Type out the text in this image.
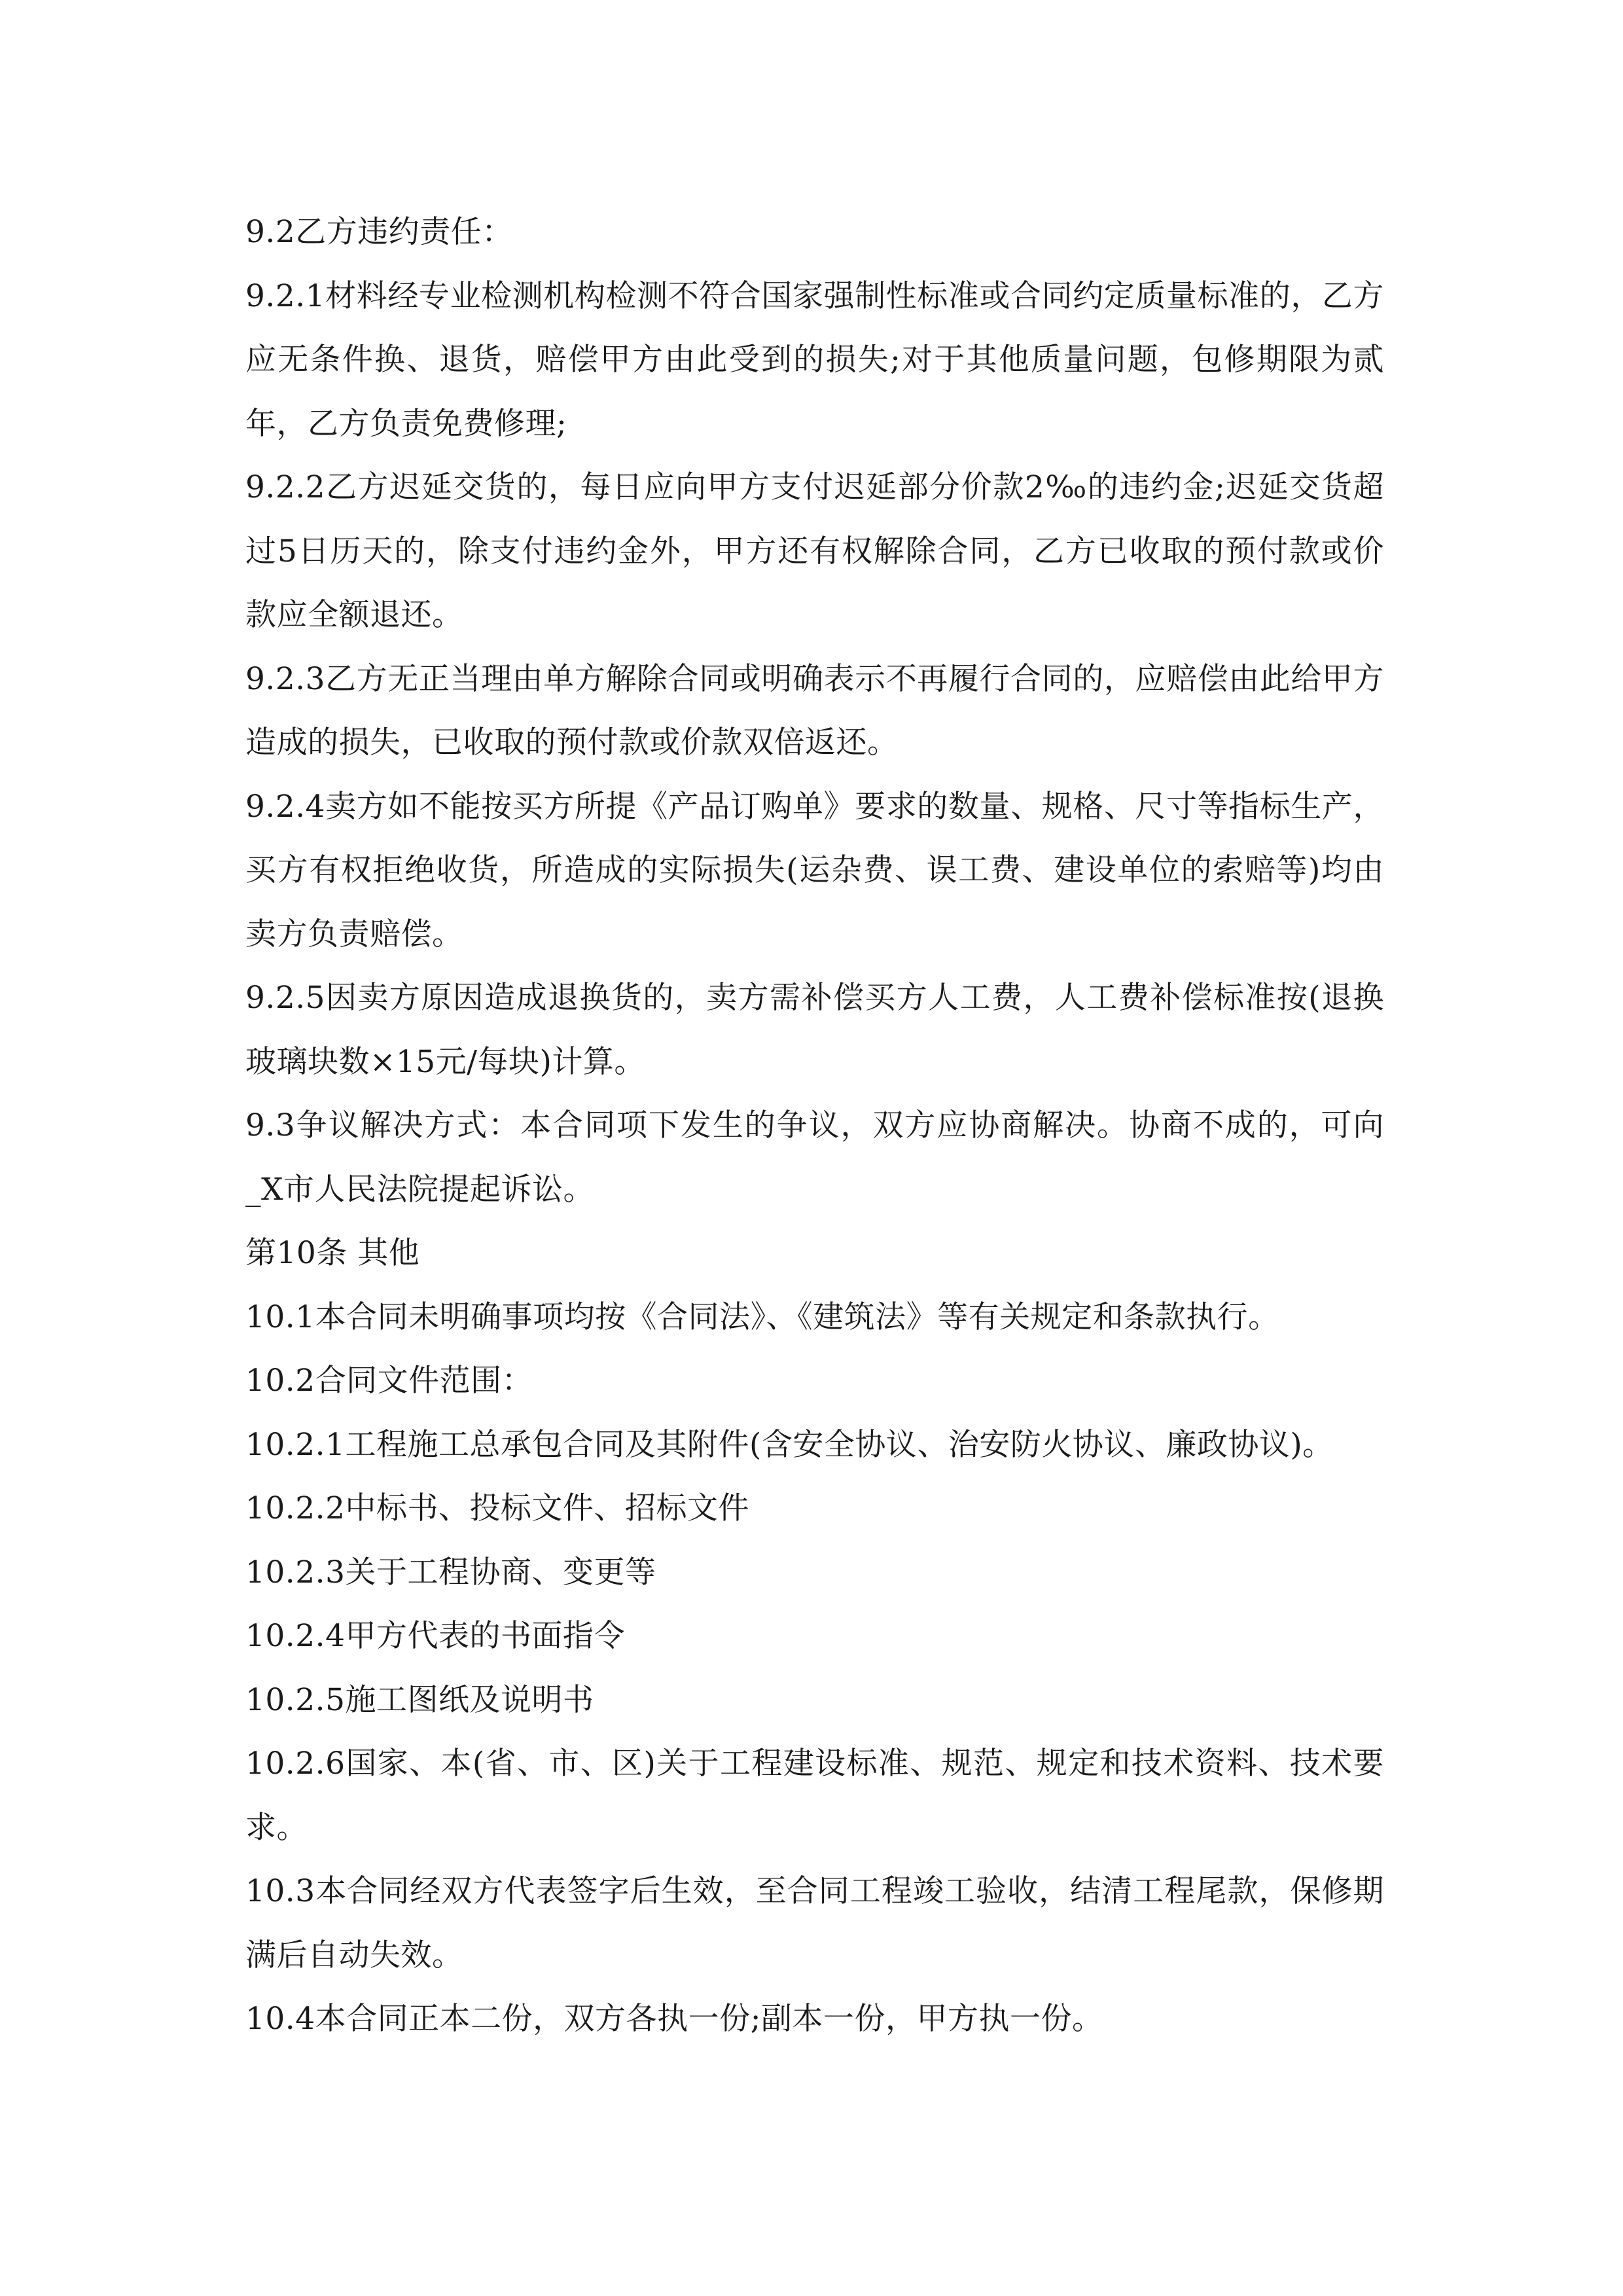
9.2乙方违约责任：

9.2.1材料经专业检测机构检测不符合国家强制性标准或合同约定质量标准的，乙方应无条件换、退货，赔偿甲方由此受到的损失;对于其他质量问题，包修期限为贰年，乙方负责免费修理;

9.2.2乙方迟延交货的，每日应向甲方支付迟延部分价款2‰的违约金;迟延交货超过5日历天的，除支付违约金外，甲方还有权解除合同，乙方已收取的预付款或价款应全额退还。

9.2.3乙方无正当理由单方解除合同或明确表示不再履行合同的，应赔偿由此给甲方造成的损失，已收取的预付款或价款双倍返还。

9.2.4卖方如不能按买方所提《产品订购单》要求的数量、规格、尺寸等指标生产，买方有权拒绝收货，所造成的实际损失(运杂费、误工费、建设单位的索赔等)均由卖方负责赔偿。

9.2.5因卖方原因造成退换货的，卖方需补偿买方人工费，人工费补偿标准按(退换玻璃块数×15元/每块)计算。

9.3争议解决方式：本合同项下发生的争议，双方应协商解决。协商不成的，可向_X市人民法院提起诉讼。

第10条 其他

10.1本合同未明确事项均按《合同法》、《建筑法》等有关规定和条款执行。

10.2合同文件范围：

10.2.1工程施工总承包合同及其附件(含安全协议、治安防火协议、廉政协议)。

10.2.2中标书、投标文件、招标文件

10.2.3关于工程协商、变更等

10.2.4甲方代表的书面指令

10.2.5施工图纸及说明书

10.2.6国家、本(省、市、区)关于工程建设标准、规范、规定和技术资料、技术要求。

10.3本合同经双方代表签字后生效，至合同工程竣工验收，结清工程尾款，保修期满后自动失效。

10.4本合同正本二份，双方各执一份;副本一份，甲方执一份。
